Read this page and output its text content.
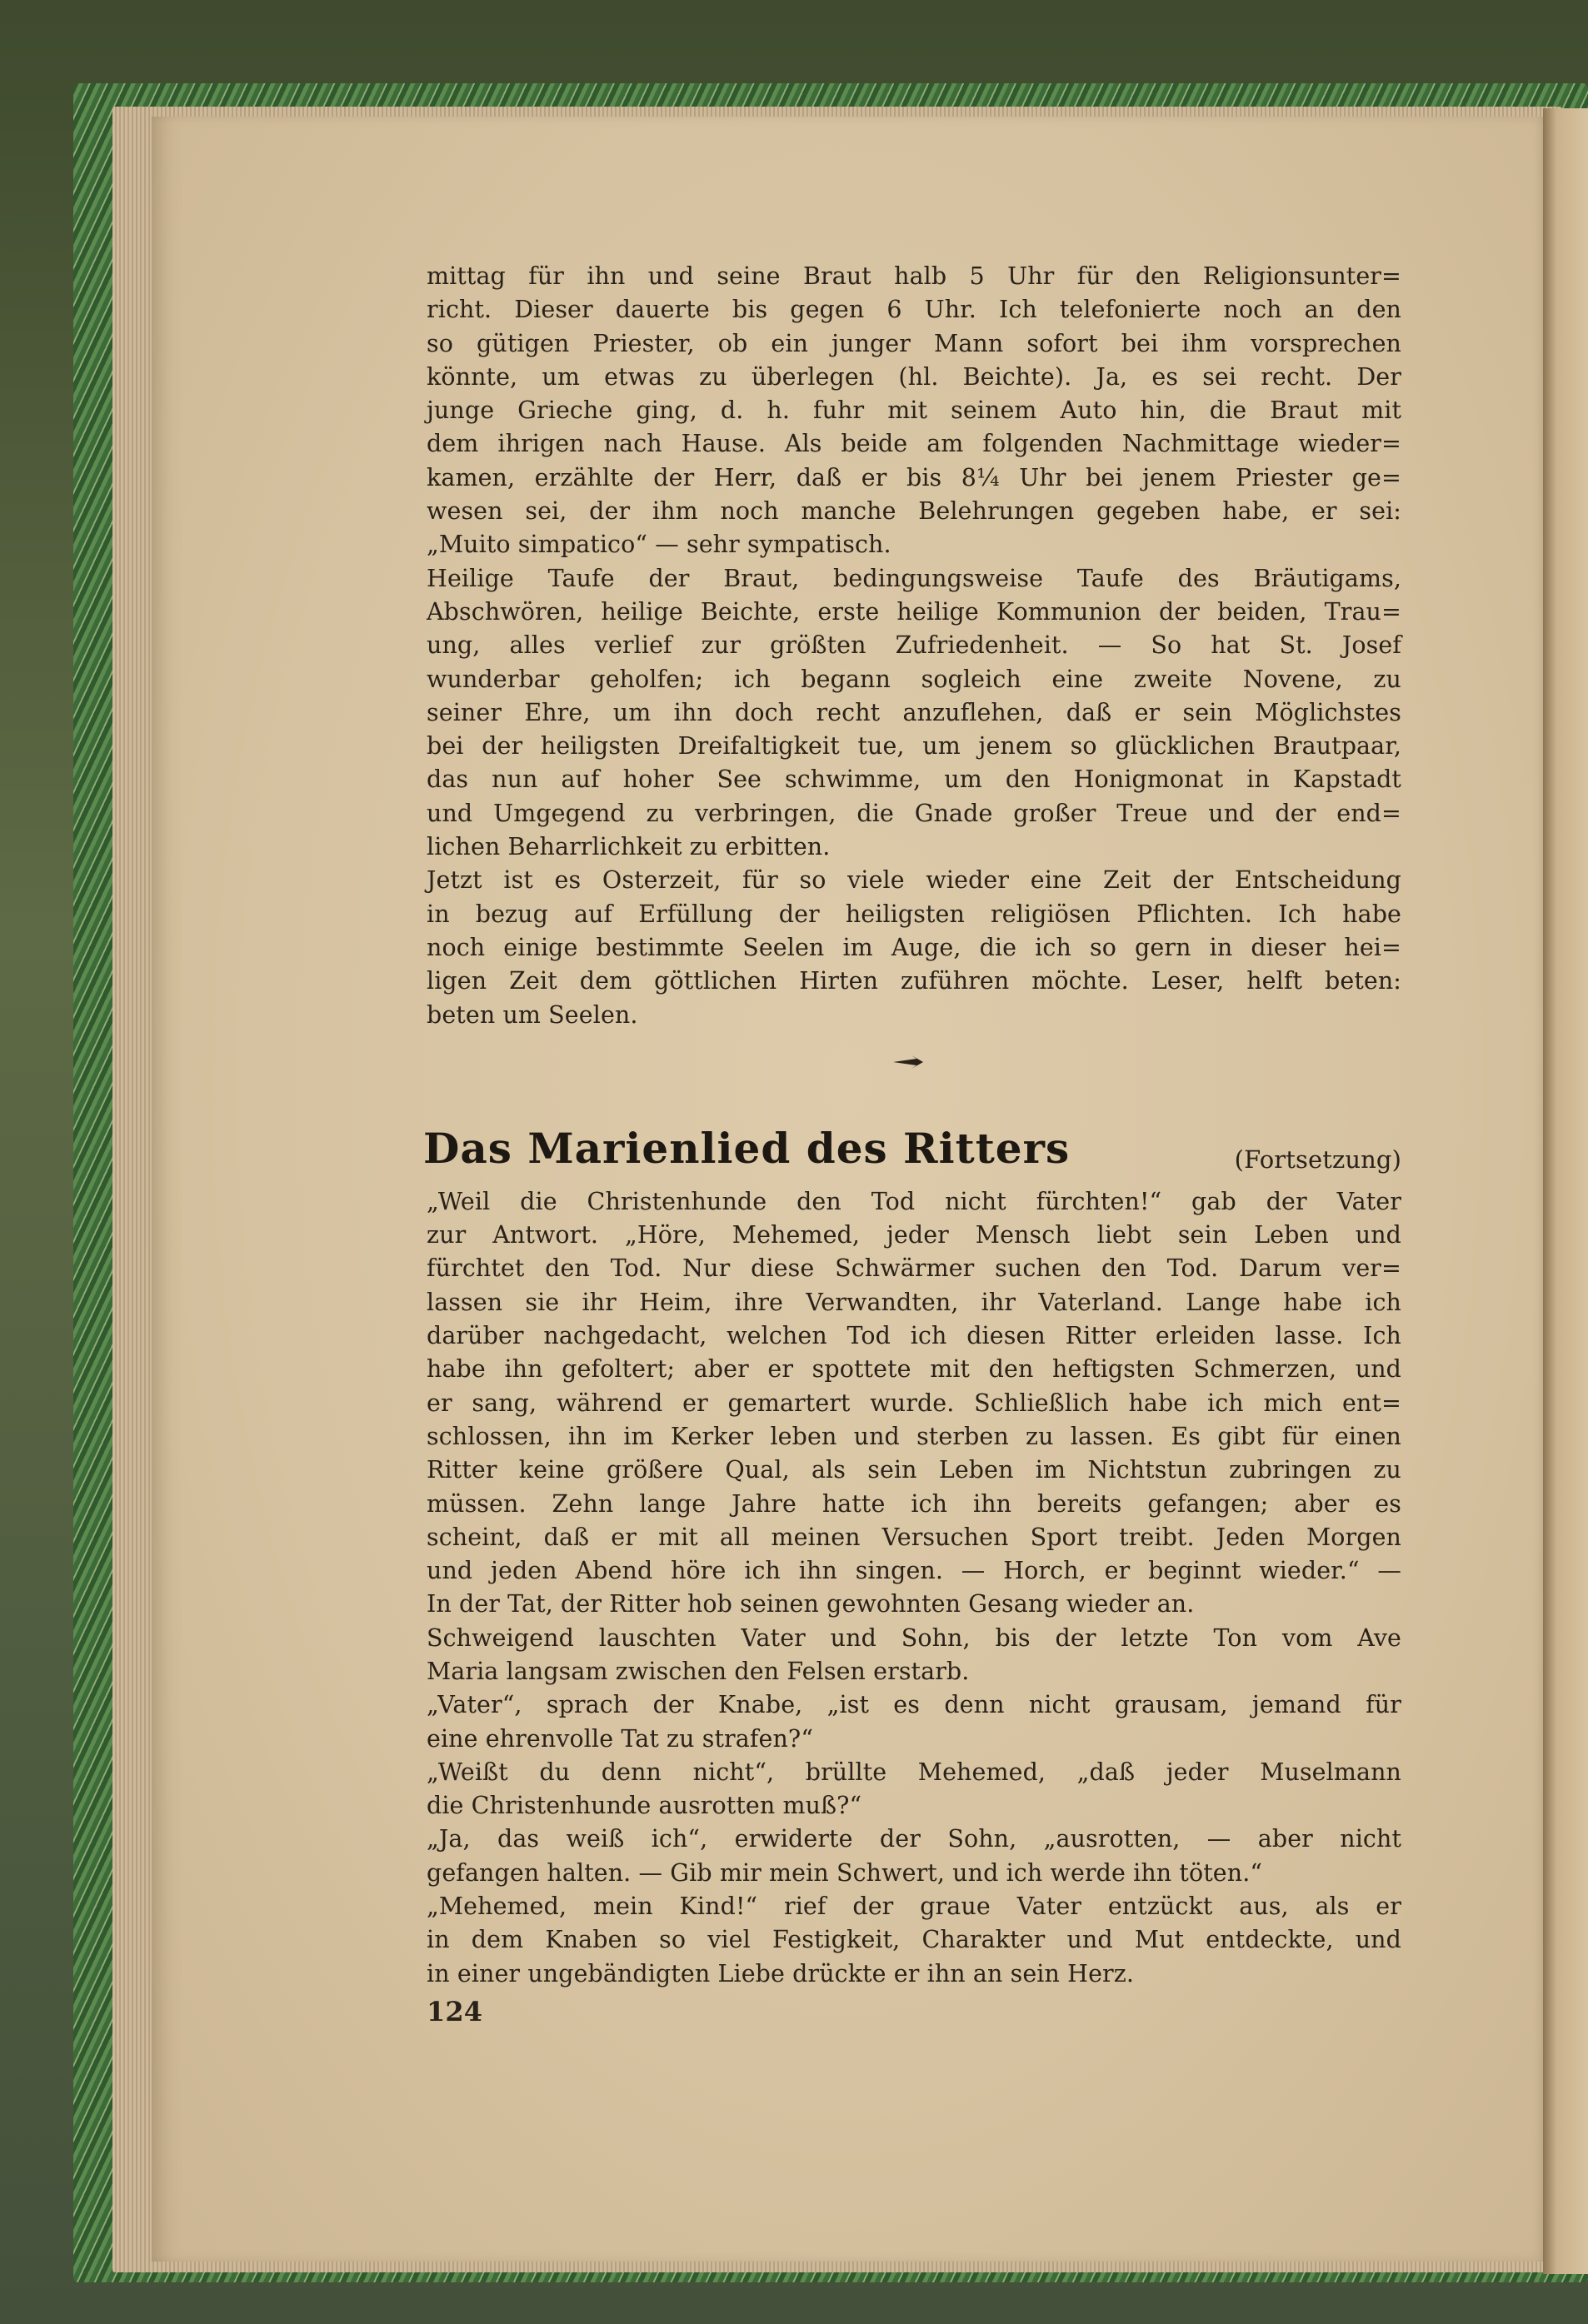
mittag für ihn und seine Braut halb 5 Uhr für den Religionsunter=
richt. Dieser dauerte bis gegen 6 Uhr. Ich telefonierte noch an den
so gütigen Priester, ob ein junger Mann sofort bei ihm vorsprechen
könnte, um etwas zu überlegen (hl. Beichte). Ja, es sei recht. Der
junge Grieche ging, d. h. fuhr mit seinem Auto hin, die Braut mit
dem ihrigen nach Hause. Als beide am folgenden Nachmittage wieder=
kamen, erzählte der Herr, daß er bis 8¼ Uhr bei jenem Priester ge=
wesen sei, der ihm noch manche Belehrungen gegeben habe, er sei:
„Muito simpatico“ — sehr sympatisch.
Heilige Taufe der Braut, bedingungsweise Taufe des Bräutigams,
Abschwören, heilige Beichte, erste heilige Kommunion der beiden, Trau=
ung, alles verlief zur größten Zufriedenheit. — So hat St. Josef
wunderbar geholfen; ich begann sogleich eine zweite Novene, zu
seiner Ehre, um ihn doch recht anzuflehen, daß er sein Möglichstes
bei der heiligsten Dreifaltigkeit tue, um jenem so glücklichen Brautpaar,
das nun auf hoher See schwimme, um den Honigmonat in Kapstadt
und Umgegend zu verbringen, die Gnade großer Treue und der end=
lichen Beharrlichkeit zu erbitten.
Jetzt ist es Osterzeit, für so viele wieder eine Zeit der Entscheidung
in bezug auf Erfüllung der heiligsten religiösen Pflichten. Ich habe
noch einige bestimmte Seelen im Auge, die ich so gern in dieser hei=
ligen Zeit dem göttlichen Hirten zuführen möchte. Leser, helft beten:
beten um Seelen.
Das Marienlied des Ritters	(Fortsetzung)
„Weil die Christenhunde den Tod nicht fürchten!“ gab der Vater
zur Antwort. „Höre, Mehemed, jeder Mensch liebt sein Leben und
fürchtet den Tod. Nur diese Schwärmer suchen den Tod. Darum ver=
lassen sie ihr Heim, ihre Verwandten, ihr Vaterland. Lange habe ich
darüber nachgedacht, welchen Tod ich diesen Ritter erleiden lasse. Ich
habe ihn gefoltert; aber er spottete mit den heftigsten Schmerzen, und
er sang, während er gemartert wurde. Schließlich habe ich mich ent=
schlossen, ihn im Kerker leben und sterben zu lassen. Es gibt für einen
Ritter keine größere Qual, als sein Leben im Nichtstun zubringen zu
müssen. Zehn lange Jahre hatte ich ihn bereits gefangen; aber es
scheint, daß er mit all meinen Versuchen Sport treibt. Jeden Morgen
und jeden Abend höre ich ihn singen. — Horch, er beginnt wieder.“ —
In der Tat, der Ritter hob seinen gewohnten Gesang wieder an.
Schweigend lauschten Vater und Sohn, bis der letzte Ton vom Ave
Maria langsam zwischen den Felsen erstarb.
„Vater“, sprach der Knabe, „ist es denn nicht grausam, jemand für
eine ehrenvolle Tat zu strafen?“
„Weißt du denn nicht“, brüllte Mehemed, „daß jeder Muselmann
die Christenhunde ausrotten muß?“
„Ja, das weiß ich“, erwiderte der Sohn, „ausrotten, — aber nicht
gefangen halten. — Gib mir mein Schwert, und ich werde ihn töten.“
„Mehemed, mein Kind!“ rief der graue Vater entzückt aus, als er
in dem Knaben so viel Festigkeit, Charakter und Mut entdeckte, und
in einer ungebändigten Liebe drückte er ihn an sein Herz.
124
